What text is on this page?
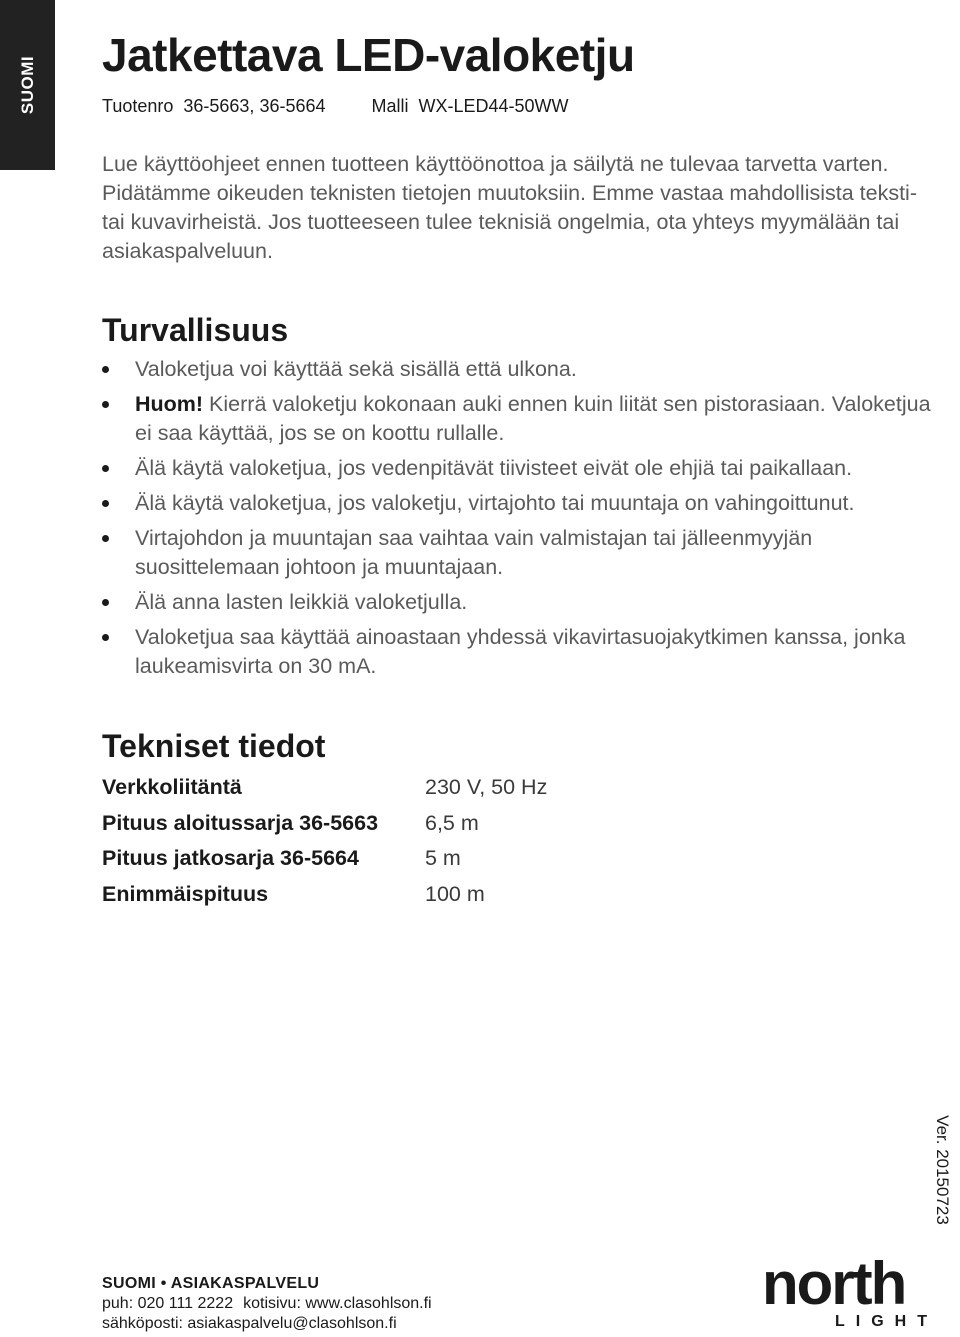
SUOMI
Jatkettava LED-valoketju
Tuotenro  36-5663, 36-5664	Malli  WX-LED44-50WW

Lue käyttöohjeet ennen tuotteen käyttöönottoa ja säilytä ne tulevaa tarvetta varten. Pidätämme oikeuden teknisten tietojen muutoksiin. Emme vastaa mahdollisista teksti- tai kuvavirheistä. Jos tuotteeseen tulee teknisiä ongelmia, ota yhteys myymälään tai asiakaspalveluun.

Turvallisuus
Valoketjua voi käyttää sekä sisällä että ulkona.
Huom! Kierrä valoketju kokonaan auki ennen kuin liität sen pistorasiaan. Valoketjua ei saa käyttää, jos se on koottu rullalle.
Älä käytä valoketjua, jos vedenpitävät tiivisteet eivät ole ehjiä tai paikallaan.
Älä käytä valoketjua, jos valoketju, virtajohto tai muuntaja on vahingoittunut.
Virtajohdon ja muuntajan saa vaihtaa vain valmistajan tai jälleenmyyjän suosittelemaan johtoon ja muuntajaan.
Älä anna lasten leikkiä valoketjulla.
Valoketjua saa käyttää ainoastaan yhdessä vikavirtasuojakytkimen kanssa, jonka laukeamisvirta on 30 mA.
Tekniset tiedot
Verkkoliitäntä	230 V, 50 Hz
Pituus aloitussarja 36-5663	6,5 m
Pituus jatkosarja 36-5664	5 m
Enimmäispituus	100 m
Ver. 20150723
SUOMI • ASIAKASPALVELU
puh: 020 111 2222 kotisivu: www.clasohlson.fi
sähköposti: asiakaspalvelu@clasohlson.fi
north
LIGHT
